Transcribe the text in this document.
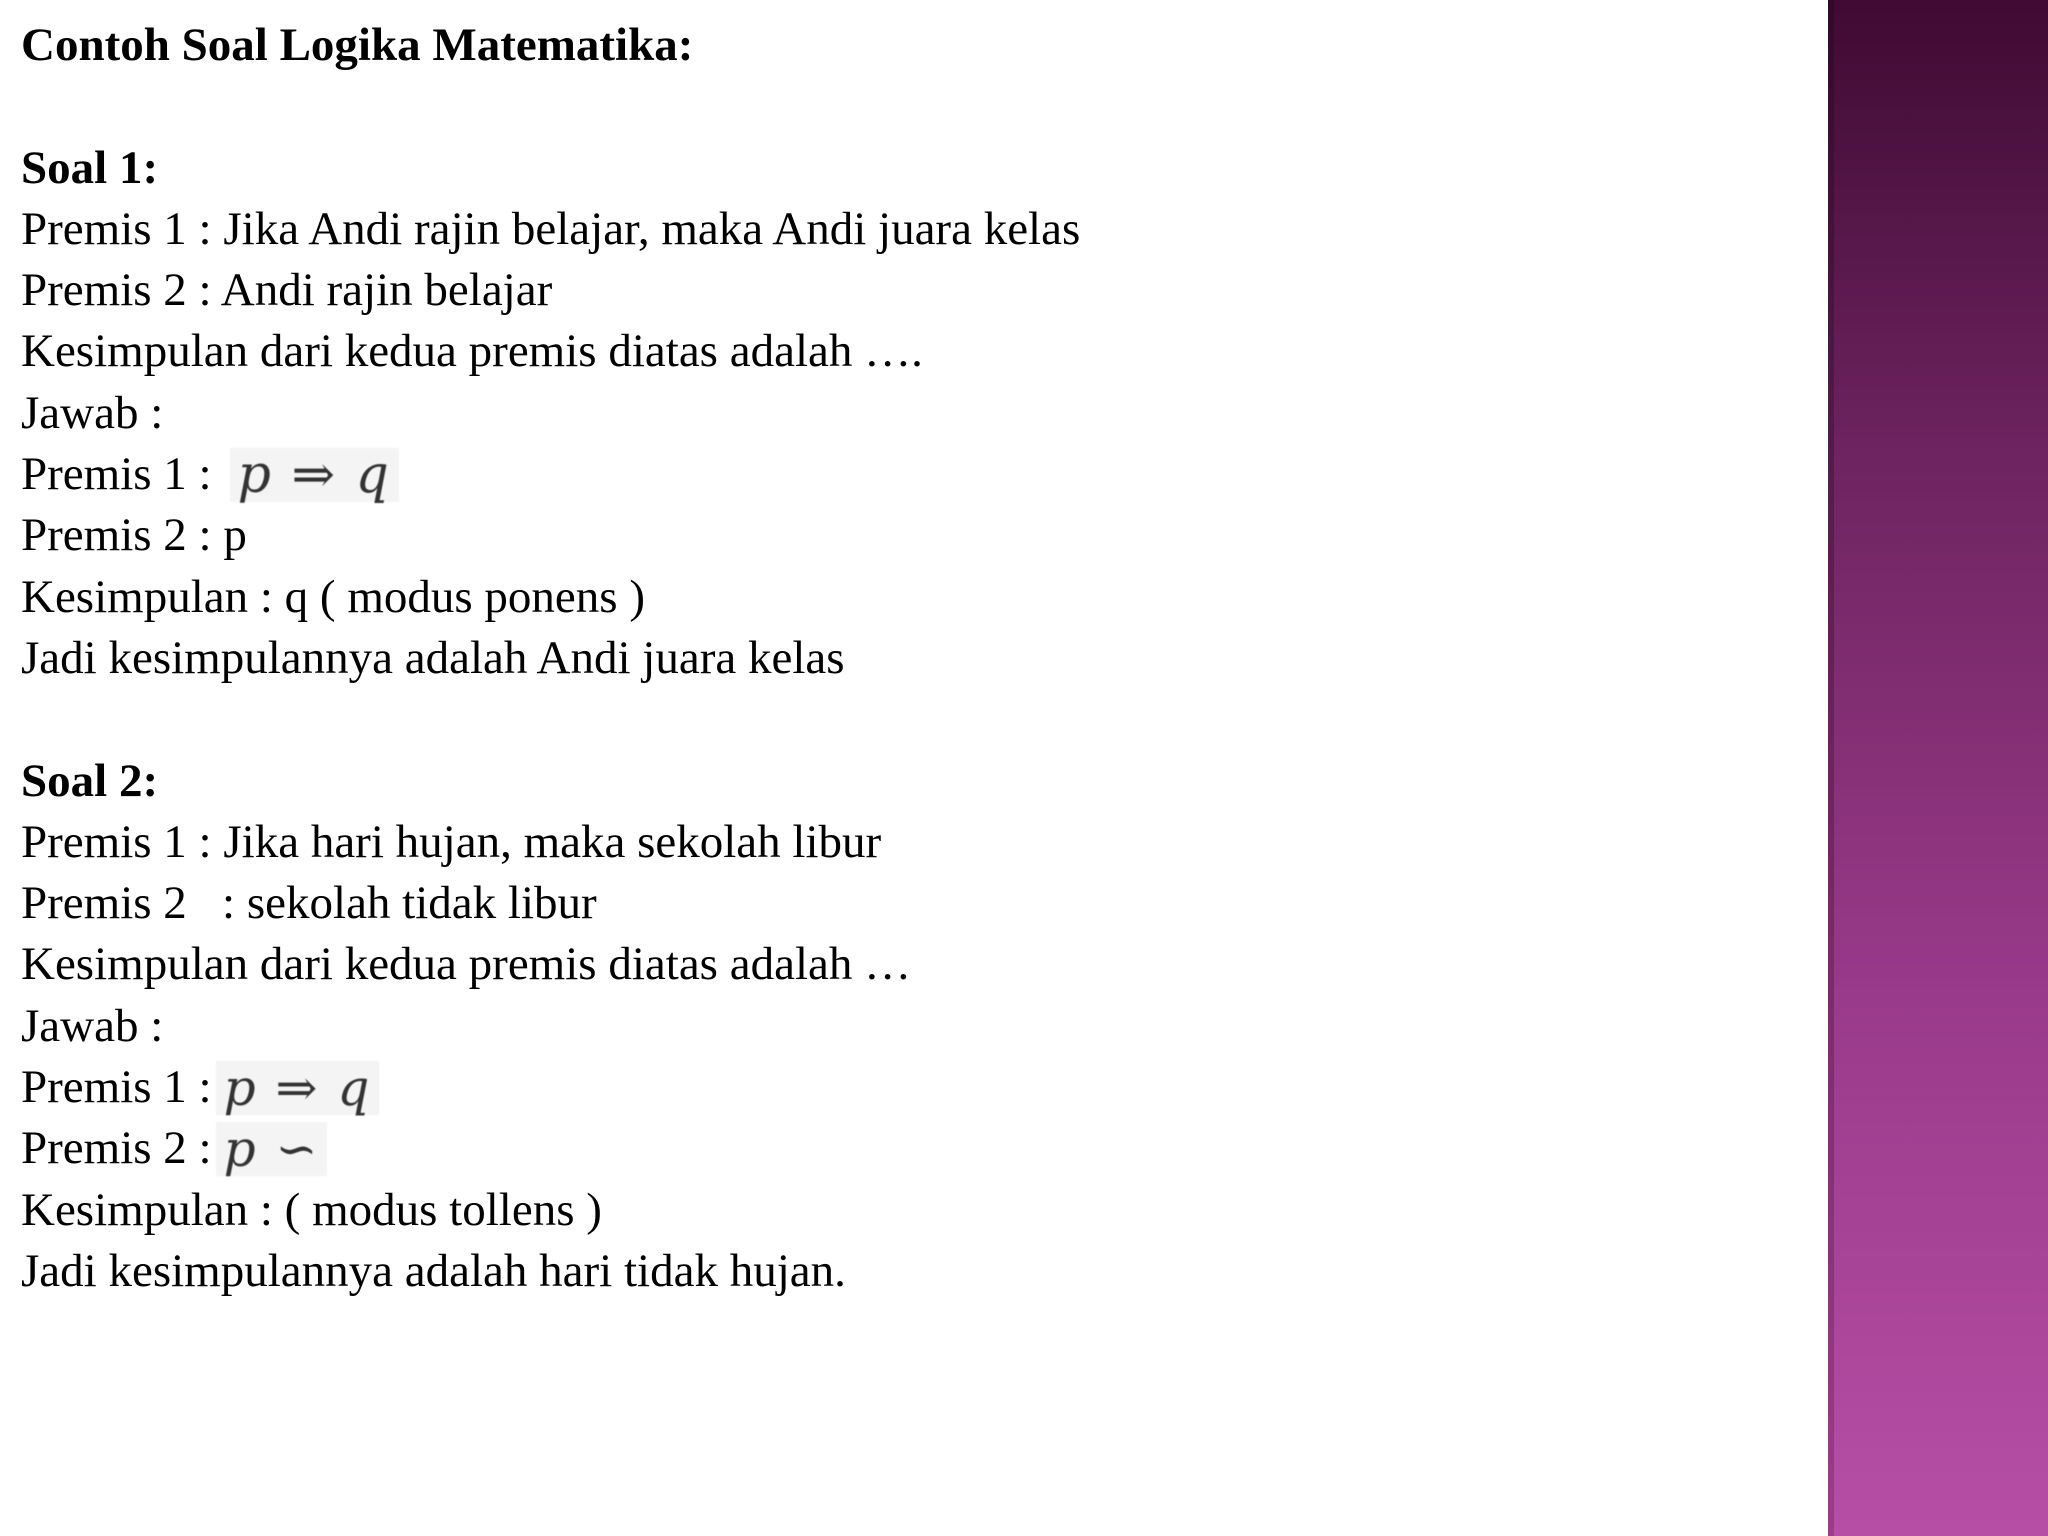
Contoh Soal Logika Matematika:
Soal 1:
Premis 1 : Jika Andi rajin belajar, maka Andi juara kelas
Premis 2 : Andi rajin belajar
Kesimpulan dari kedua premis diatas adalah ….
Jawab :
Premis 1 : p ⇒ q
Premis 2 : p
Kesimpulan : q ( modus ponens )
Jadi kesimpulannya adalah Andi juara kelas
Soal 2:
Premis 1 : Jika hari hujan, maka sekolah libur
Premis 2   : sekolah tidak libur
Kesimpulan dari kedua premis diatas adalah …
Jawab :
Premis 1 : p ⇒ q
Premis 2 : p ∽
Kesimpulan : ( modus tollens )
Jadi kesimpulannya adalah hari tidak hujan.
